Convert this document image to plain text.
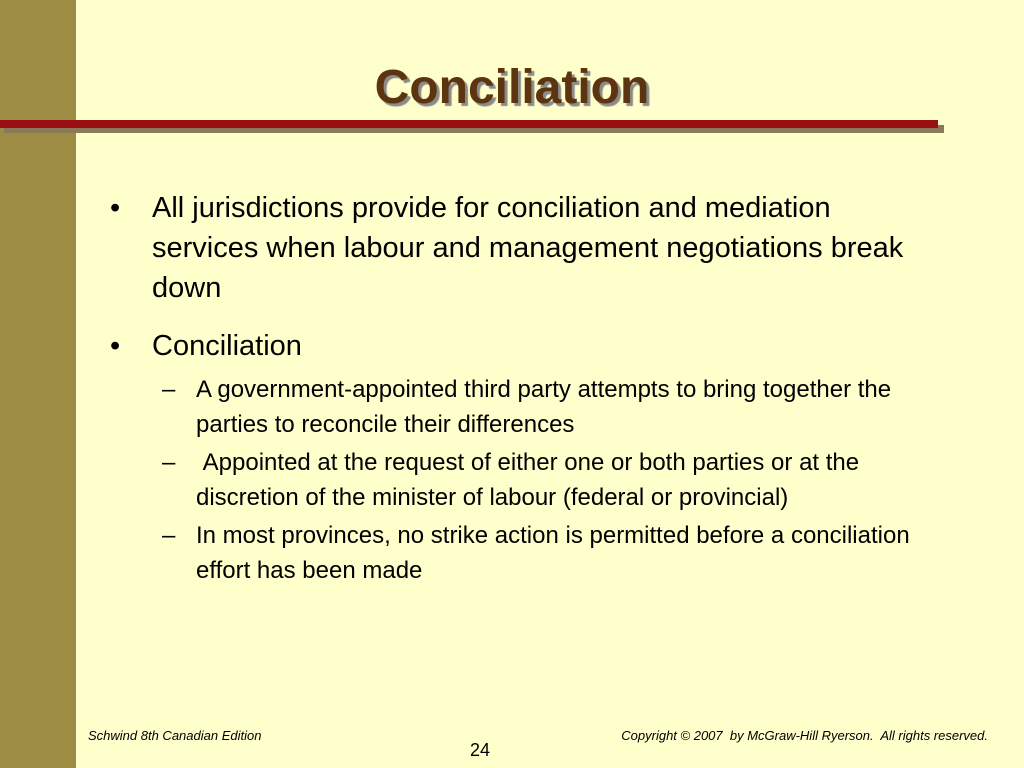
Conciliation
•	All jurisdictions provide for conciliation and mediation services when labour and management negotiations break down
•	Conciliation
– A government-appointed third party attempts to bring together the parties to reconcile their differences
– Appointed at the request of either one or both parties or at the discretion of the minister of labour (federal or provincial)
– In most provinces, no strike action is permitted before a conciliation effort has been made
Schwind 8th Canadian Edition	Copyright © 2007  by McGraw-Hill Ryerson.  All rights reserved.
24
